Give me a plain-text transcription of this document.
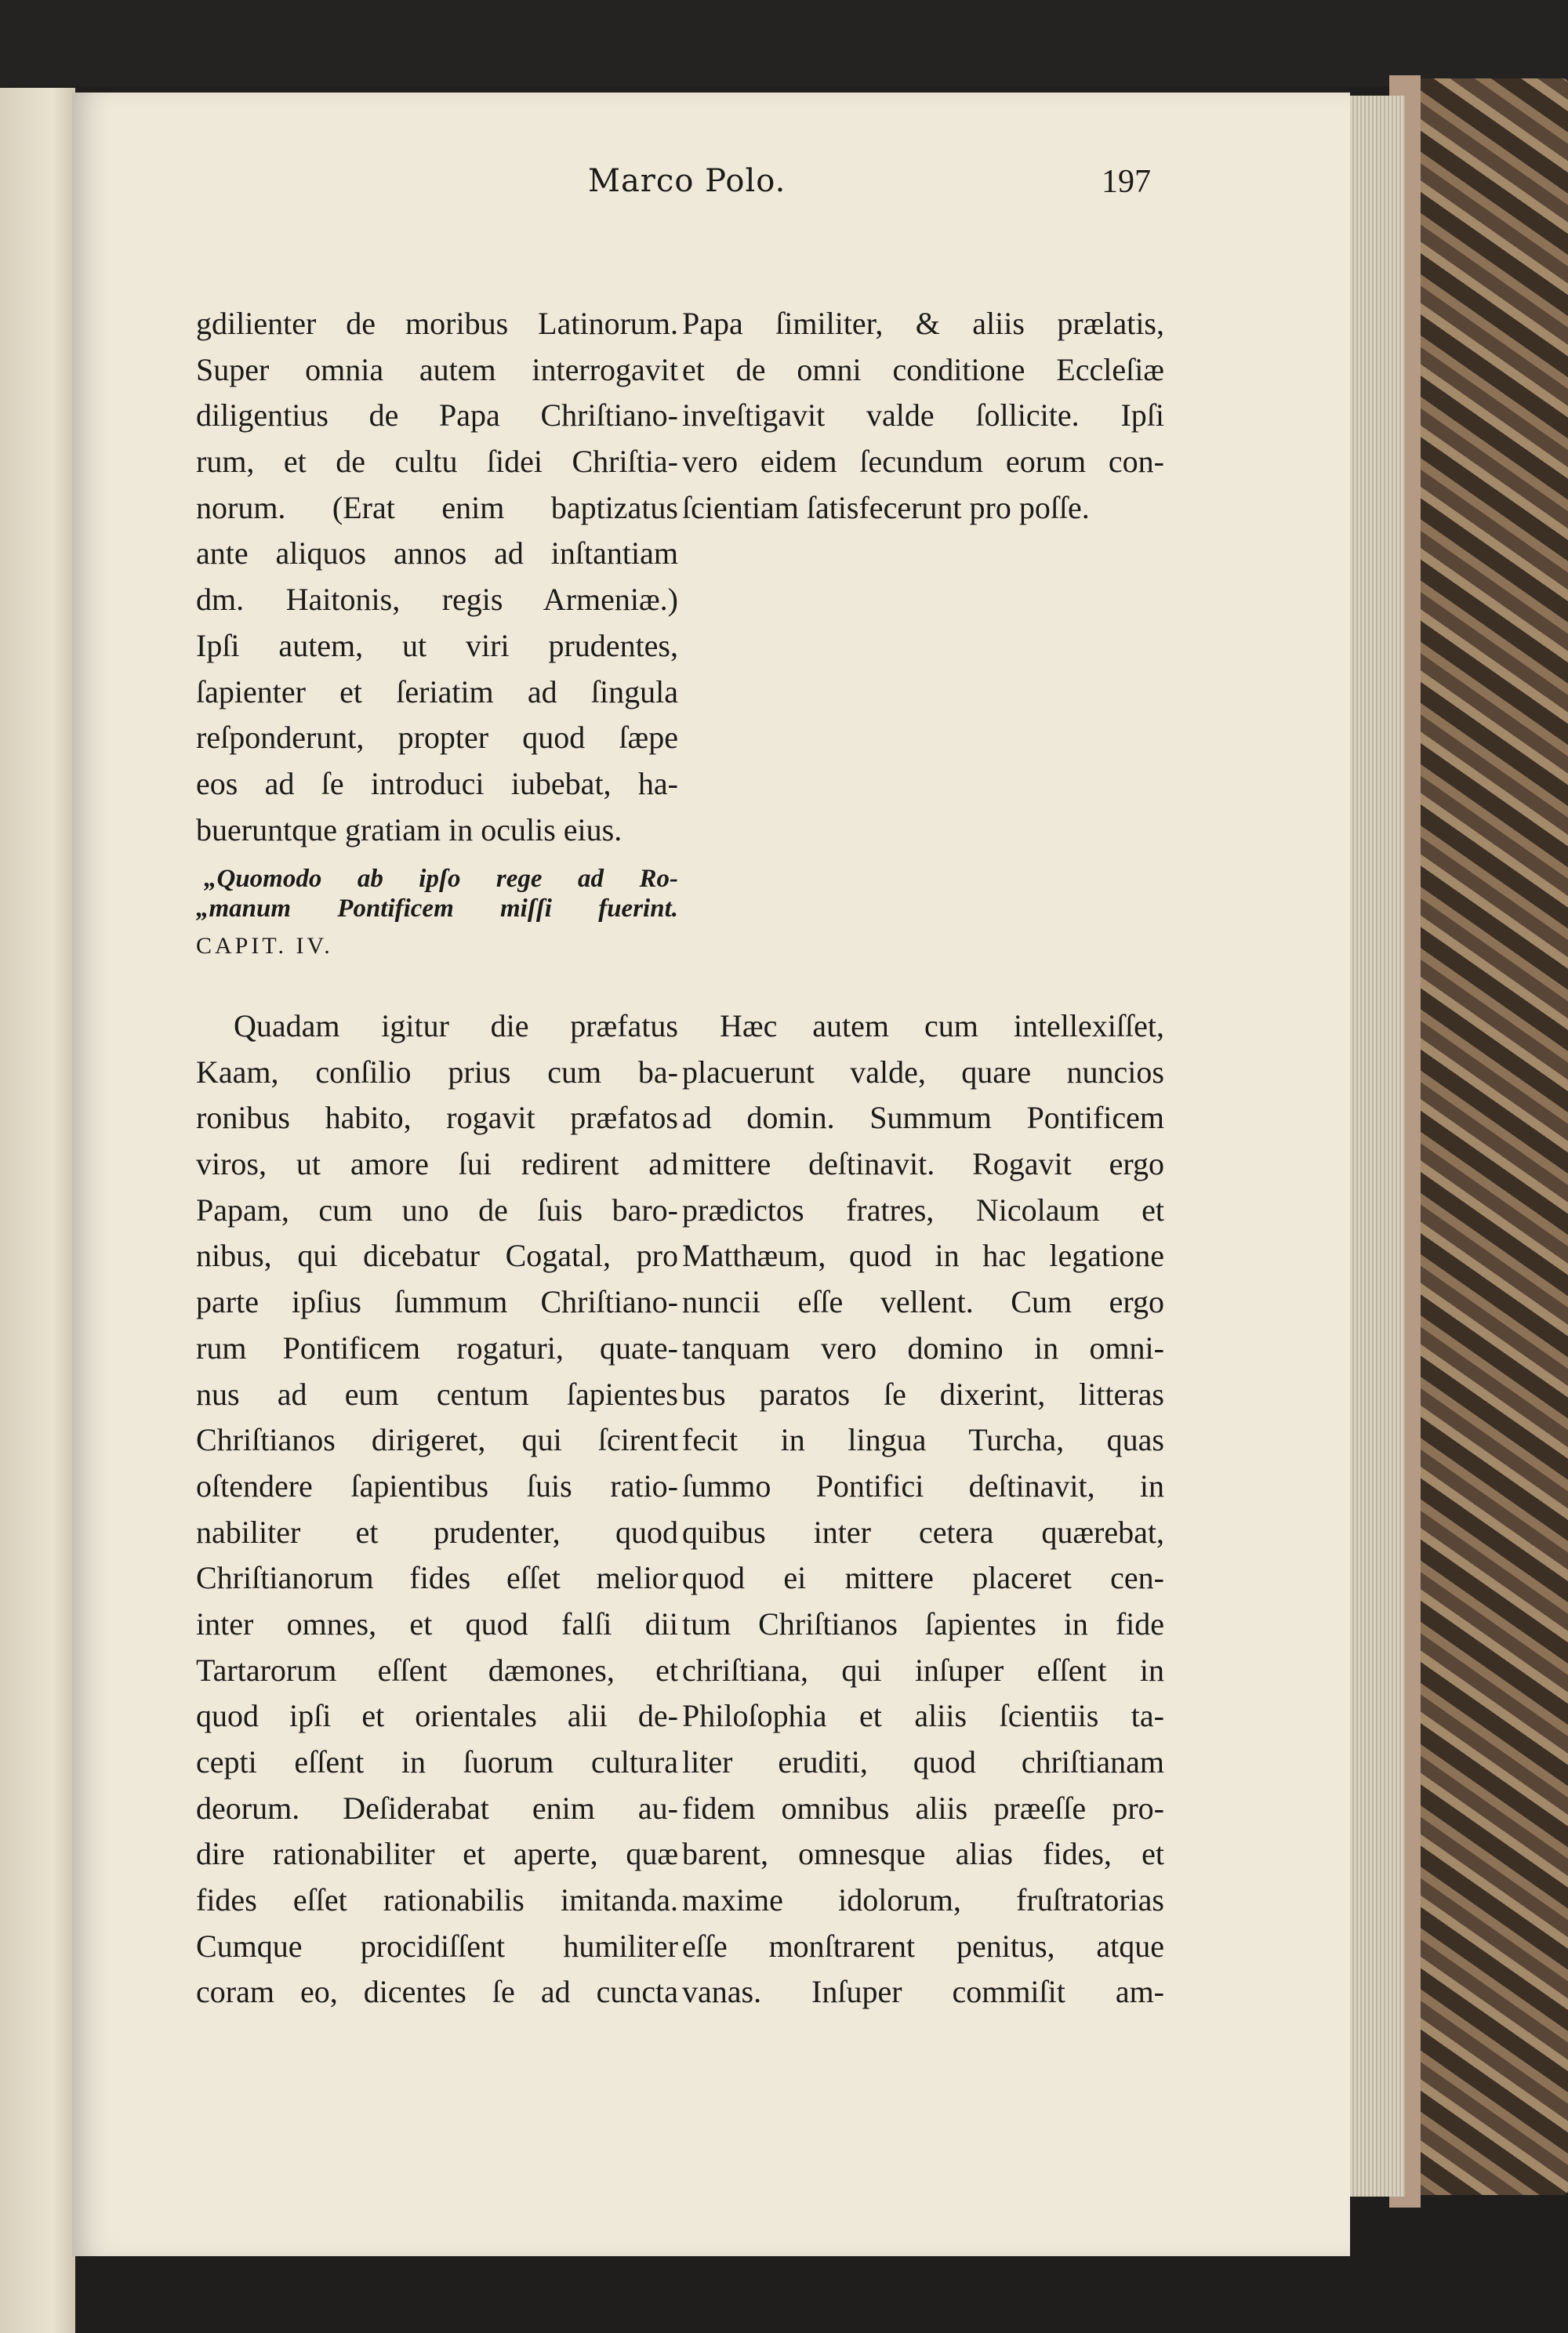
Marco Polo.	197
gdilienter de moribus Latinorum.
Super omnia autem interrogavit
diligentius de Papa Chriſtiano-
rum, et de cultu ſidei Chriſtia-
norum. (Erat enim baptizatus
ante aliquos annos ad inſtantiam
dm. Haitonis, regis Armeniæ.)
Ipſi autem, ut viri prudentes,
ſapienter et ſeriatim ad ſingula
reſponderunt, propter quod ſæpe
eos ad ſe introduci iubebat, ha-
bueruntque gratiam in oculis eius.
„Quomodo ab ipſo rege ad Ro-
„manum Pontificem miſſi fuerint.
CAPIT. IV.
Papa ſimiliter, & aliis prælatis,
et de omni conditione Eccleſiæ
inveſtigavit valde ſollicite. Ipſi
vero eidem ſecundum eorum con-
ſcientiam ſatisfecerunt pro poſſe.
Quadam igitur die præfatus
Kaam, conſilio prius cum ba-
ronibus habito, rogavit præfatos
viros, ut amore ſui redirent ad
Papam, cum uno de ſuis baro-
nibus, qui dicebatur Cogatal, pro
parte ipſius ſummum Chriſtiano-
rum Pontificem rogaturi, quate-
nus ad eum centum ſapientes
Chriſtianos dirigeret, qui ſcirent
oſtendere ſapientibus ſuis ratio-
nabiliter et prudenter, quod
Chriſtianorum fides eſſet melior
inter omnes, et quod falſi dii
Tartarorum eſſent dæmones, et
quod ipſi et orientales alii de-
cepti eſſent in ſuorum cultura
deorum. Deſiderabat enim au-
dire rationabiliter et aperte, quæ
fides eſſet rationabilis imitanda.
Cumque procidiſſent humiliter
coram eo, dicentes ſe ad cuncta
Hæc autem cum intellexiſſet,
placuerunt valde, quare nuncios
ad domin. Summum Pontificem
mittere deſtinavit. Rogavit ergo
prædictos fratres, Nicolaum et
Matthæum, quod in hac legatione
nuncii eſſe vellent. Cum ergo
tanquam vero domino in omni-
bus paratos ſe dixerint, litteras
fecit in lingua Turcha, quas
ſummo Pontifici deſtinavit, in
quibus inter cetera quærebat,
quod ei mittere placeret cen-
tum Chriſtianos ſapientes in fide
chriſtiana, qui inſuper eſſent in
Philoſophia et aliis ſcientiis ta-
liter eruditi, quod chriſtianam
fidem omnibus aliis præeſſe pro-
barent, omnesque alias fides, et
maxime idolorum, fruſtratorias
eſſe monſtrarent penitus, atque
vanas. Inſuper commiſit am-
